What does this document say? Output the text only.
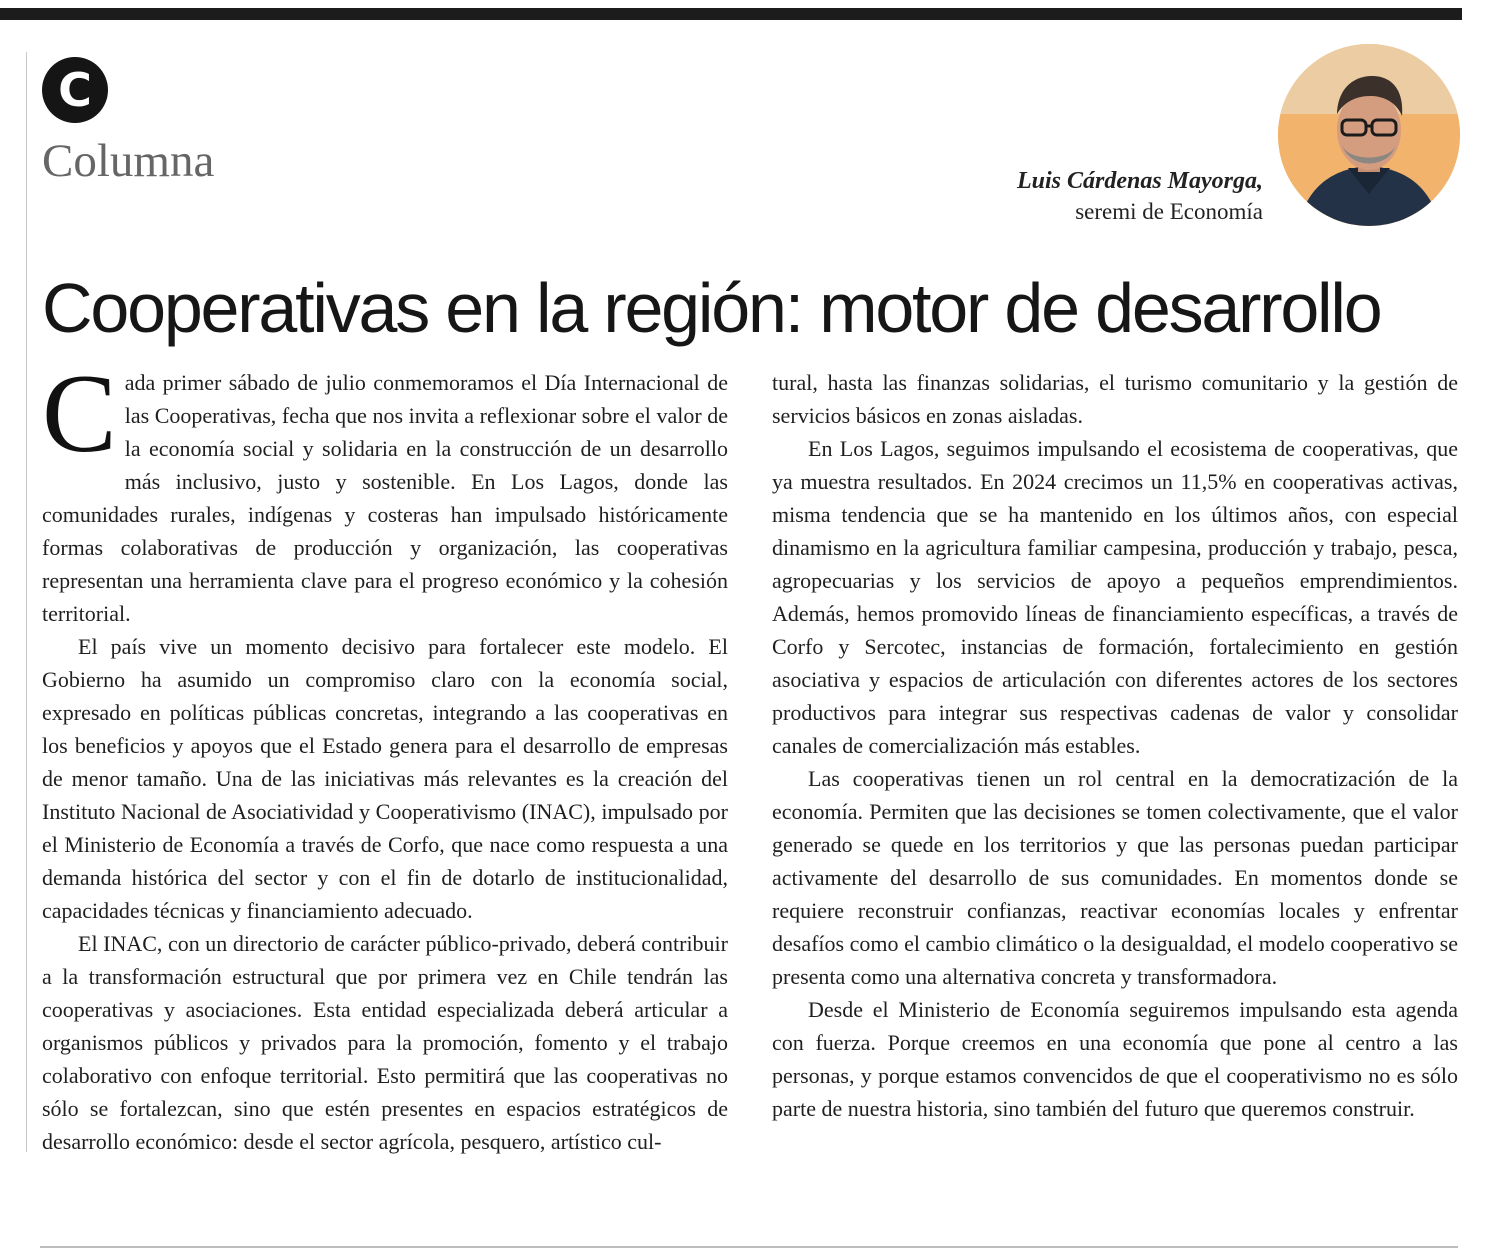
C
Columna	Luis Cárdenas Mayorga,
seremi de Economía
Cooperativas en la región: motor de desarrollo

Cada primer sábado de julio conmemoramos el Día Internacional de las Cooperativas, fecha que nos invita a reflexionar sobre el valor de la economía social y solidaria en la construcción de un desarrollo más inclusivo, justo y sostenible. En Los Lagos, donde las comunidades rurales, indígenas y costeras han impulsado históricamente formas colaborativas de producción y organización, las cooperativas representan una herramienta clave para el progreso económico y la cohesión territorial.

El país vive un momento decisivo para fortalecer este modelo. El Gobierno ha asumido un compromiso claro con la economía social, expresado en políticas públicas concretas, integrando a las cooperativas en los beneficios y apoyos que el Estado genera para el desarrollo de empresas de menor tamaño. Una de las iniciativas más relevantes es la creación del Instituto Nacional de Asociatividad y Cooperativismo (INAC), impulsado por el Ministerio de Economía a través de Corfo, que nace como respuesta a una demanda histórica del sector y con el fin de dotarlo de institucionalidad, capacidades técnicas y financiamiento adecuado.

El INAC, con un directorio de carácter público-privado, deberá contribuir a la transformación estructural que por primera vez en Chile tendrán las cooperativas y asociaciones. Esta entidad especializada deberá articular a organismos públicos y privados para la promoción, fomento y el trabajo colaborativo con enfoque territorial. Esto permitirá que las cooperativas no sólo se fortalezcan, sino que estén presentes en espacios estratégicos de desarrollo económico: desde el sector agrícola, pesquero, artístico cul-

tural, hasta las finanzas solidarias, el turismo comunitario y la gestión de servicios básicos en zonas aisladas.

En Los Lagos, seguimos impulsando el ecosistema de cooperativas, que ya muestra resultados. En 2024 crecimos un 11,5% en cooperativas activas, misma tendencia que se ha mantenido en los últimos años, con especial dinamismo en la agricultura familiar campesina, producción y trabajo, pesca, agropecuarias y los servicios de apoyo a pequeños emprendimientos. Además, hemos promovido líneas de financiamiento específicas, a través de Corfo y Sercotec, instancias de formación, fortalecimiento en gestión asociativa y espacios de articulación con diferentes actores de los sectores productivos para integrar sus respectivas cadenas de valor y consolidar canales de comercialización más estables.

Las cooperativas tienen un rol central en la democratización de la economía. Permiten que las decisiones se tomen colectivamente, que el valor generado se quede en los territorios y que las personas puedan participar activamente del desarrollo de sus comunidades. En momentos donde se requiere reconstruir confianzas, reactivar economías locales y enfrentar desafíos como el cambio climático o la desigualdad, el modelo cooperativo se presenta como una alternativa concreta y transformadora.

Desde el Ministerio de Economía seguiremos impulsando esta agenda con fuerza. Porque creemos en una economía que pone al centro a las personas, y porque estamos convencidos de que el cooperativismo no es sólo parte de nuestra historia, sino también del futuro que queremos construir.
